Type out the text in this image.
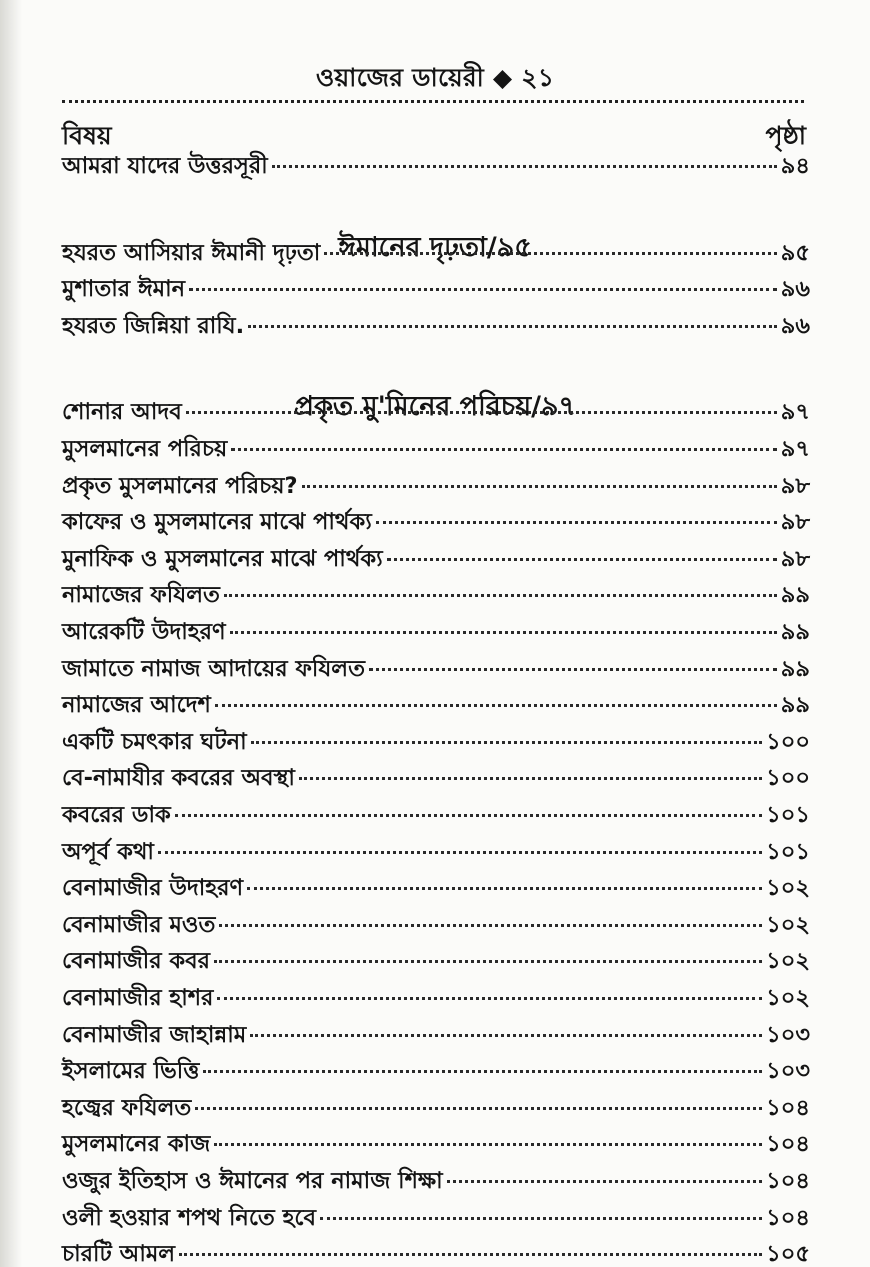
ওয়াজের ডায়েরী ◆ ২১
বিষয়	পৃষ্ঠা
ঈমানের দৃঢ়তা/৯৫
প্রকৃত মু'মিনের পরিচয়/৯৭
আমরা যাদের উত্তরসূরী	৯৪
হযরত আসিয়ার ঈমানী দৃঢ়তা	৯৫
মুশাতার ঈমান	৯৬
হযরত জিন্নিয়া রাযি.	৯৬
শোনার আদব	৯৭
মুসলমানের পরিচয়	৯৭
প্রকৃত মুসলমানের পরিচয়?	৯৮
কাফের ও মুসলমানের মাঝে পার্থক্য	৯৮
মুনাফিক ও মুসলমানের মাঝে পার্থক্য	৯৮
নামাজের ফযিলত	৯৯
আরেকটি উদাহরণ	৯৯
জামাতে নামাজ আদায়ের ফযিলত	৯৯
নামাজের আদেশ	৯৯
একটি চমৎকার ঘটনা	১০০
বে-নামাযীর কবরের অবস্থা	১০০
কবরের ডাক	১০১
অপূর্ব কথা	১০১
বেনামাজীর উদাহরণ	১০২
বেনামাজীর মওত	১০২
বেনামাজীর কবর	১০২
বেনামাজীর হাশর	১০২
বেনামাজীর জাহান্নাম	১০৩
ইসলামের ভিত্তি	১০৩
হজ্বের ফযিলত	১০৪
মুসলমানের কাজ	১০৪
ওজুর ইতিহাস ও ঈমানের পর নামাজ শিক্ষা	১০৪
ওলী হওয়ার শপথ নিতে হবে	১০৪
চারটি আমল	১০৫
